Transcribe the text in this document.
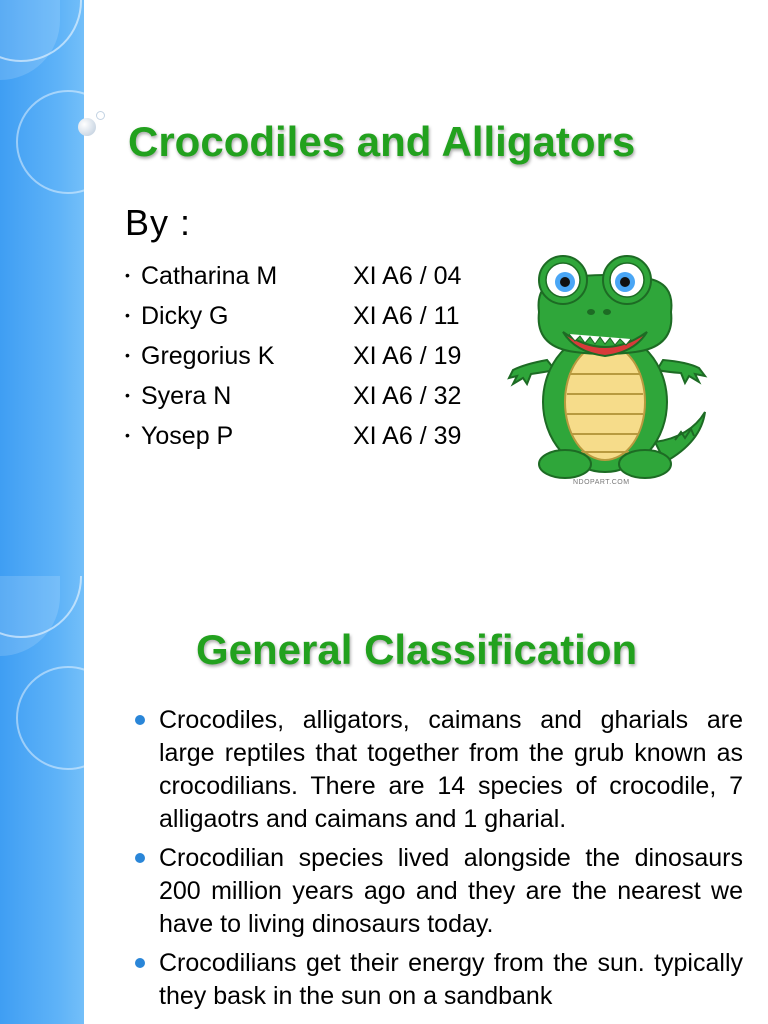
Crocodiles and Alligators
By :
• Catharina M	XI A6 / 04
• Dicky G	XI A6 / 11
• Gregorius K	XI A6 / 19
• Syera N	XI A6 / 32
• Yosep P	XI A6 / 39
NDOPART.COM
General Classification
Crocodiles, alligators, caimans and gharials are large reptiles that together from the grub known as crocodilians. There are 14 species of crocodile, 7 alligaotrs and caimans and 1 gharial.
Crocodilian species lived alongside the dinosaurs 200 million years ago and they are the nearest we have to living dinosaurs today.
Crocodilians get their energy from the sun. typically they bask in the sun on a sandbank
